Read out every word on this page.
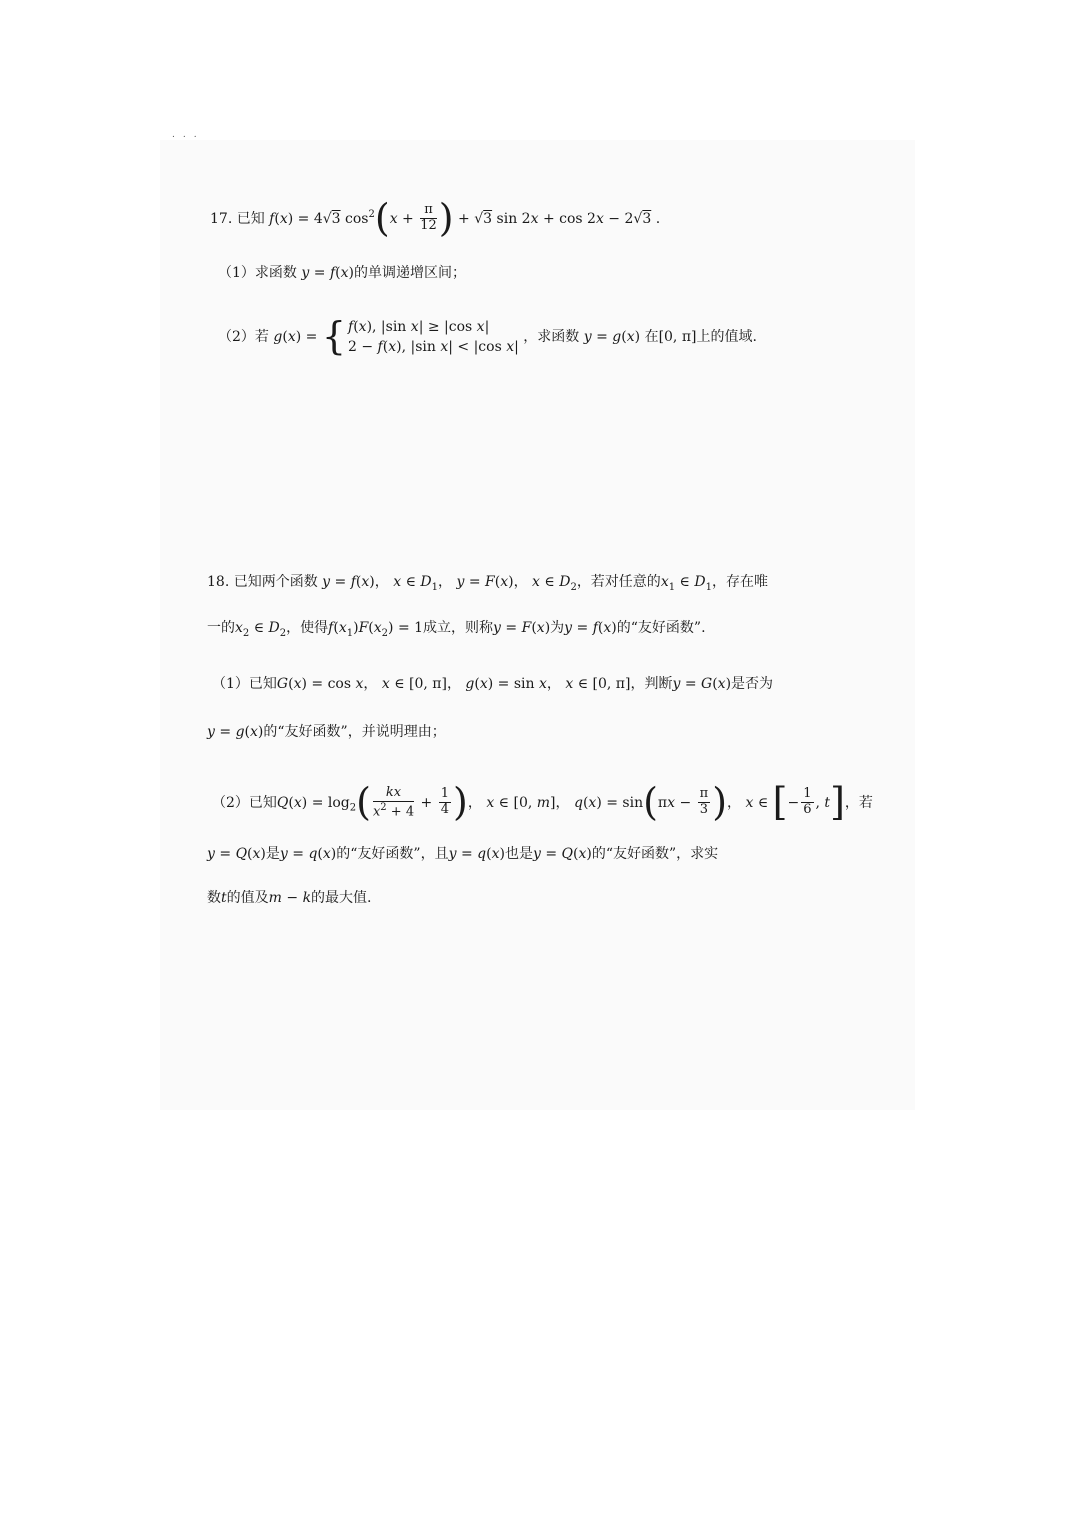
...
17. 已知 f(x) = 4√3 $\cos^2(x + \frac{\pi}{12}$ ) + √3 sin 2x + cos 2x − 2√3 .
（1）求函数 y = f(x)的单调递增区间；
（2）若 g(x) = { f(x), |sin x| ≥ |cos x|
2 − f(x), |sin x| < |cos x|
，求函数 y = g(x) 在[0, π]上的值域.
18. 已知两个函数 y = f(x)， x ∈ $D_1$， y = F(x)， x ∈ $D_2$，若对任意的$x_1$ ∈ $D_1$，存在唯
一的$x_2$ ∈ $D_2$，使得$f(x_1)F(x_2) = 1$成立，则称y = F(x)为y = f(x)的“友好函数”.
（1）已知G(x) = cos x， x ∈ [0, π]， g(x) = sin x， x ∈ [0, π]，判断y = G(x)是否为
y = g(x)的“友好函数”，并说明理由；
（2）已知$Q(x) = \log_2( \frac{kx}{x^2 + 4} + \frac{1}{4}$ )， x ∈ [0, m]， $q(x) = \sin(\pi x - \frac{\pi}{3}$ )， x ∈ [− $\frac{1}{6}$ , t]，若
y = Q(x)是y = q(x)的“友好函数”，且y = q(x)也是y = Q(x)的“友好函数”，求实
数t的值及m − k的最大值.
